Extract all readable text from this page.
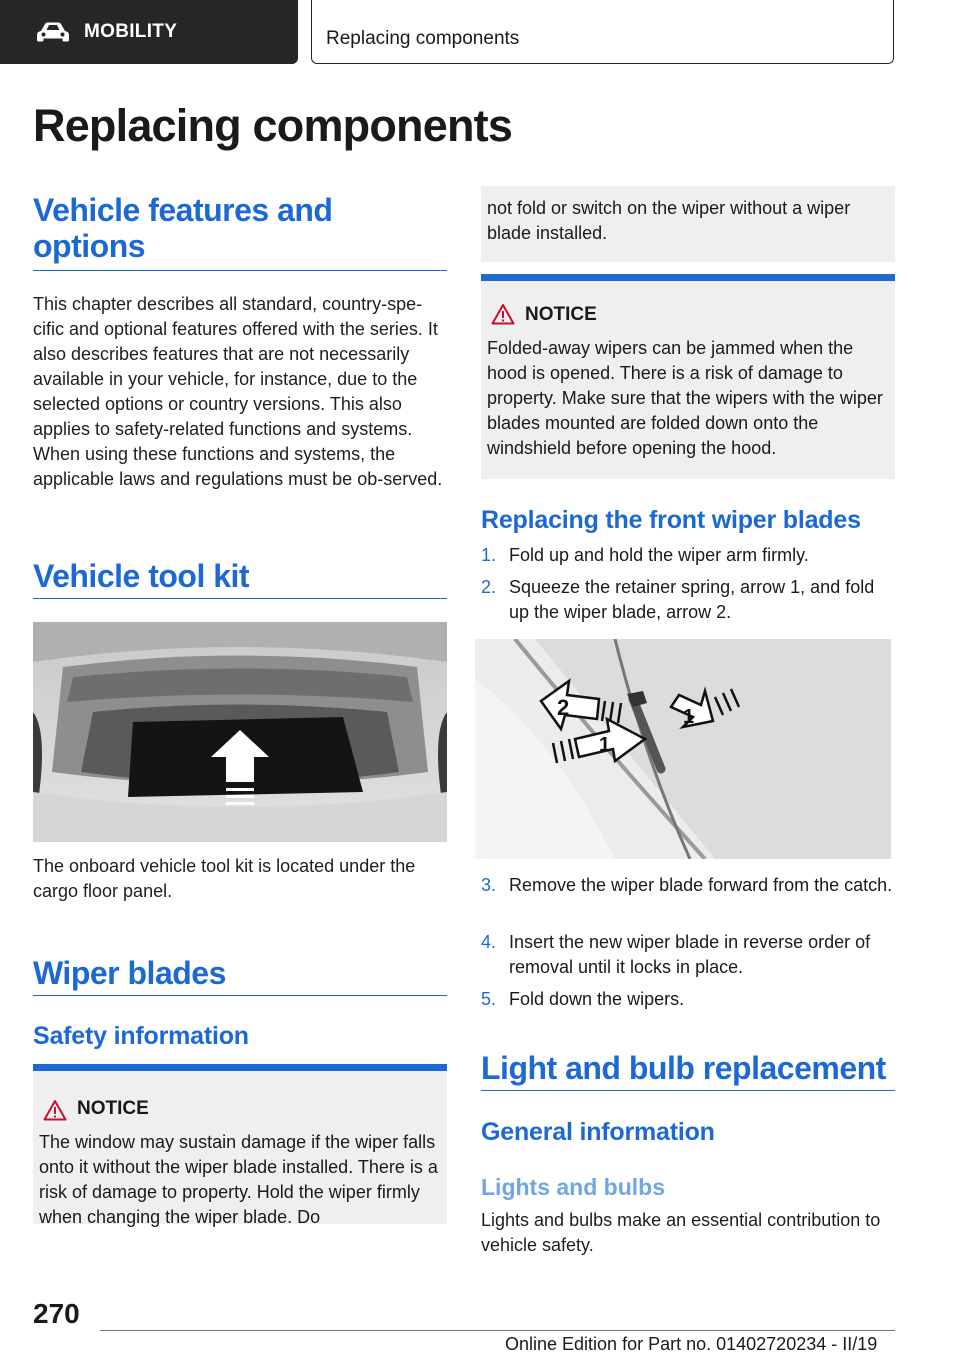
MOBILITY	Replacing components
Replacing components
Vehicle features and options

This chapter describes all standard, country-spe-cific and optional features offered with the series. It also describes features that are not necessarily available in your vehicle, for instance, due to the selected options or country versions. This also applies to safety-related functions and systems. When using these functions and systems, the applicable laws and regulations must be ob-served.

Vehicle tool kit

The onboard vehicle tool kit is located under the cargo floor panel.

Wiper blades
Safety information
NOTICE

The window may sustain damage if the wiper falls onto it without the wiper blade installed. There is a risk of damage to property. Hold the wiper firmly when changing the wiper blade. Do

not fold or switch on the wiper without a wiper blade installed.

NOTICE

Folded-away wipers can be jammed when the hood is opened. There is a risk of damage to property. Make sure that the wipers with the wiper blades mounted are folded down onto the windshield before opening the hood.

Replacing the front wiper blades
1. Fold up and hold the wiper arm firmly.
2. Squeeze the retainer spring, arrow 1, and fold up the wiper blade, arrow 2.
2	1
1
3. Remove the wiper blade forward from the catch.
4. Insert the new wiper blade in reverse order of removal until it locks in place.
5. Fold down the wipers.
Light and bulb replacement
General information
Lights and bulbs

Lights and bulbs make an essential contribution to vehicle safety.

270
Online Edition for Part no. 01402720234 - II/19
